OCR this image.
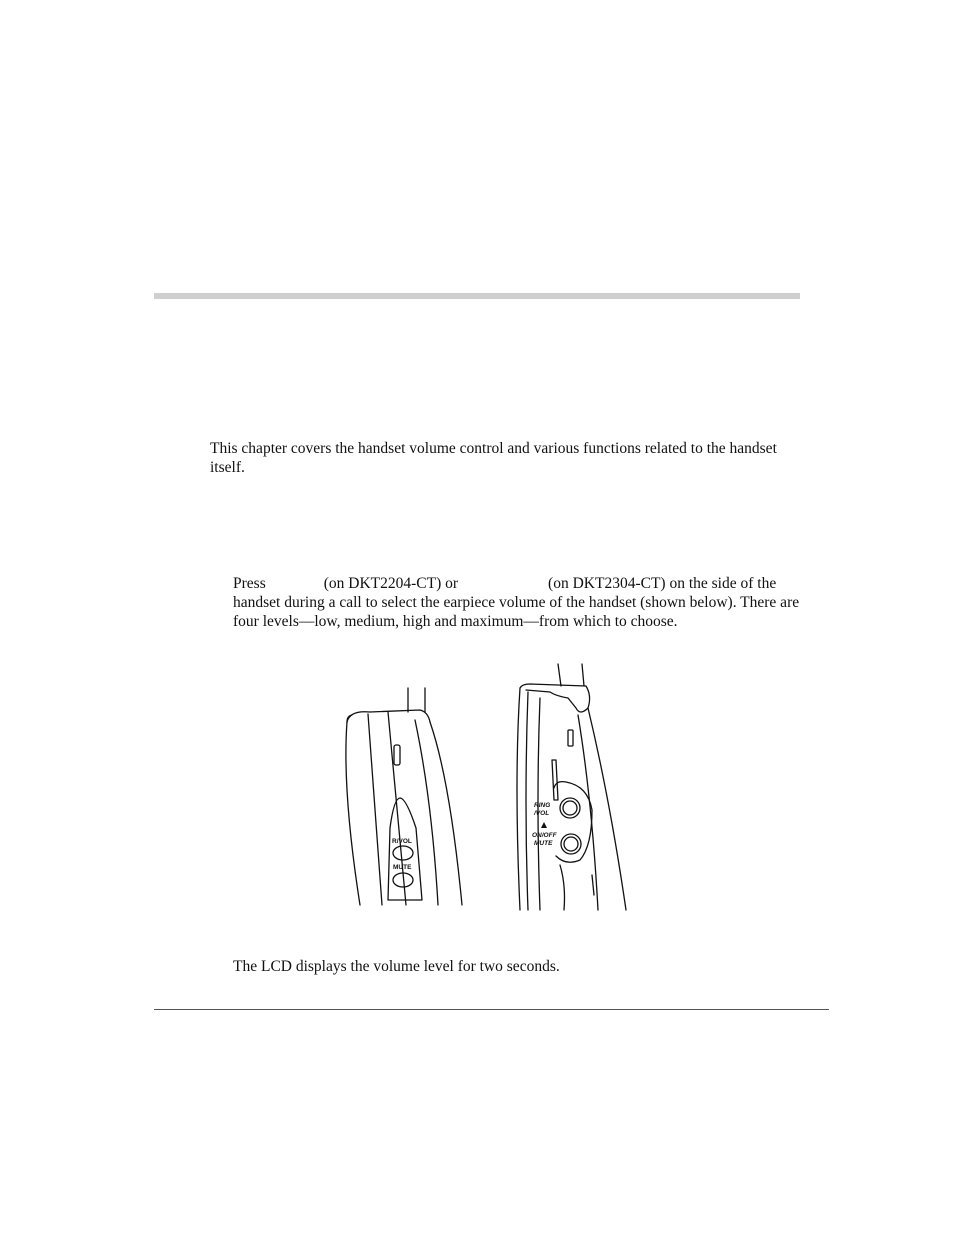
This chapter covers the handset volume control and various functions related to the handset itself.

Press	(on DKT2204-CT) or	(on DKT2304-CT) on the side of the handset during a call to select the earpiece volume of the handset (shown below). There are four levels—low, medium, high and maximum—from which to choose.

R/VOL
MUTE
RING
/VOL
ON/OFF
MUTE

The LCD displays the volume level for two seconds.
